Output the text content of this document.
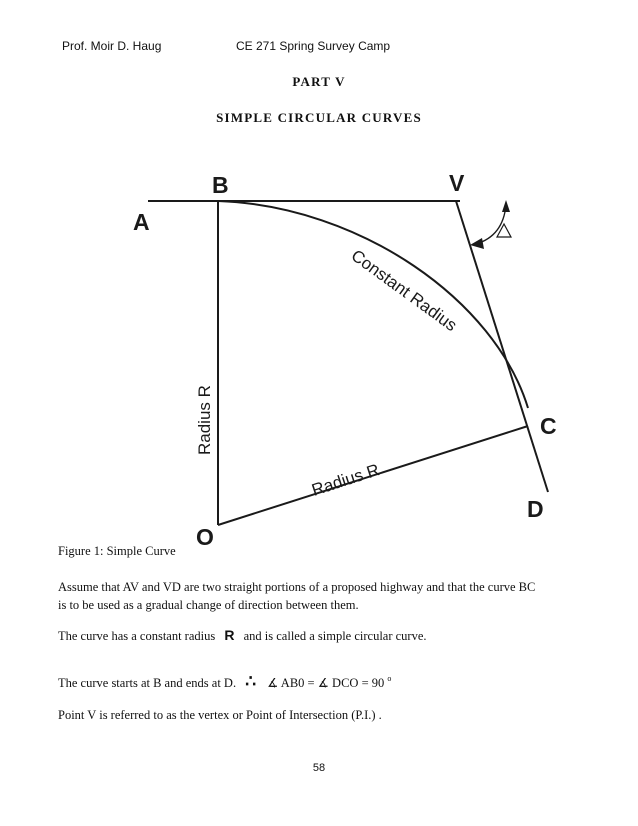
Prof. Moir D. Haug	CE 271 Spring Survey Camp
PART V
SIMPLE CIRCULAR CURVES
B
A
V
C
D
O
Constant Radius
Radius R
Radius R
Figure 1: Simple Curve
Assume that AV and VD are two straight portions of a proposed highway and that the curve BC
is to be used as a gradual change of direction between them.
The curve has a constant radius R and is called a simple circular curve.
The curve starts at B and ends at D. ∴ ∡ AB0 = ∡ DCO = 90 $^o$
Point V is referred to as the vertex or Point of Intersection (P.I.) .
58
